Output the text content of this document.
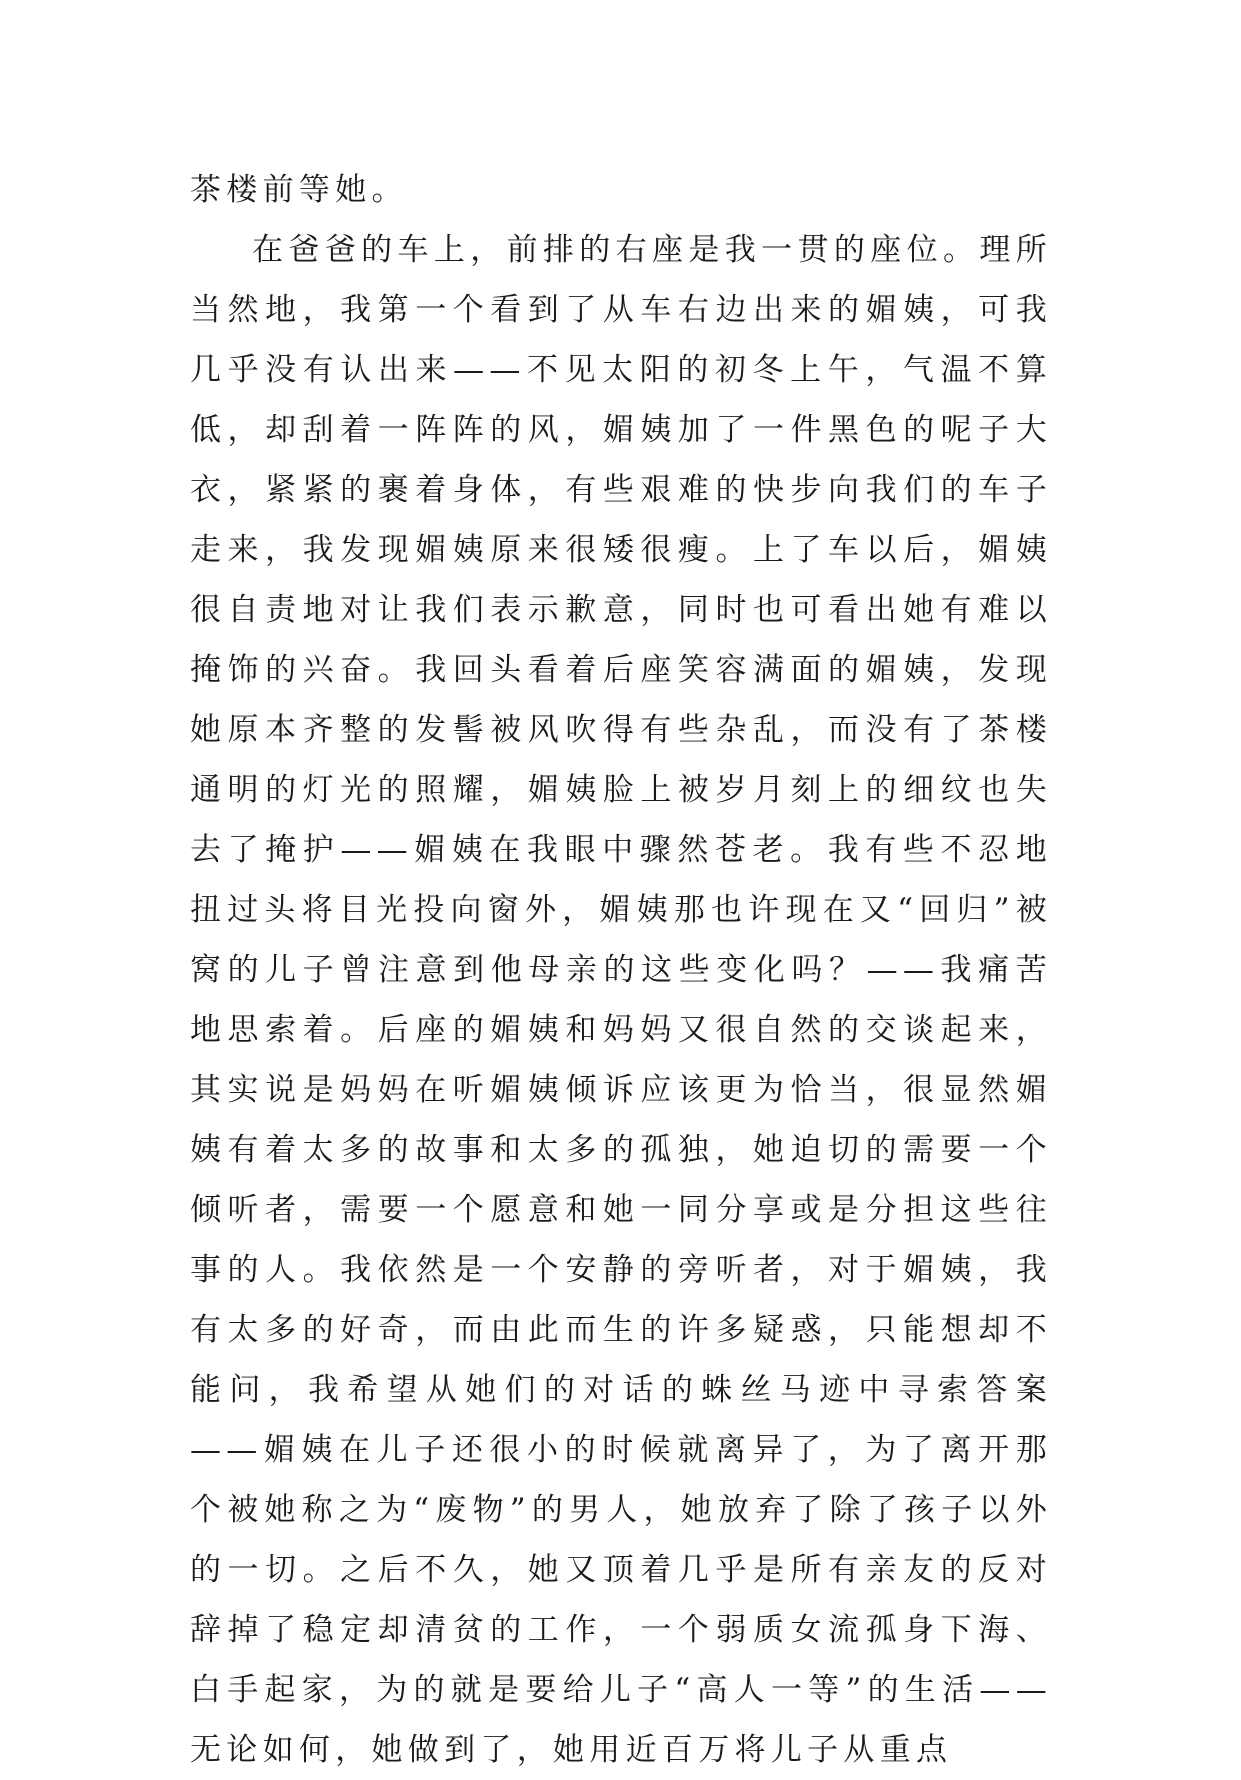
茶楼前等她。

在爸爸的车上，前排的右座是我一贯的座位。理所当然地，我第一个看到了从车右边出来的媚姨，可我几乎没有认出来——不见太阳的初冬上午，气温不算低，却刮着一阵阵的风，媚姨加了一件黑色的呢子大衣，紧紧的裹着身体，有些艰难的快步向我们的车子走来，我发现媚姨原来很矮很瘦。上了车以后，媚姨很自责地对让我们表示歉意，同时也可看出她有难以掩饰的兴奋。我回头看着后座笑容满面的媚姨，发现她原本齐整的发髻被风吹得有些杂乱，而没有了茶楼通明的灯光的照耀，媚姨脸上被岁月刻上的细纹也失去了掩护——媚姨在我眼中骤然苍老。我有些不忍地扭过头将目光投向窗外，媚姨那也许现在又“回归”被窝的儿子曾注意到他母亲的这些变化吗？——我痛苦地思索着。后座的媚姨和妈妈又很自然的交谈起来，其实说是妈妈在听媚姨倾诉应该更为恰当，很显然媚姨有着太多的故事和太多的孤独，她迫切的需要一个倾听者，需要一个愿意和她一同分享或是分担这些往事的人。我依然是一个安静的旁听者，对于媚姨，我有太多的好奇，而由此而生的许多疑惑，只能想却不能问，我希望从她们的对话的蛛丝马迹中寻索答案——媚姨在儿子还很小的时候就离异了，为了离开那个被她称之为“废物”的男人，她放弃了除了孩子以外的一切。之后不久，她又顶着几乎是所有亲友的反对辞掉了稳定却清贫的工作，一个弱质女流孤身下海、白手起家，为的就是要给儿子“高人一等”的生活——无论如何，她做到了，她用近百万将儿子从重点
